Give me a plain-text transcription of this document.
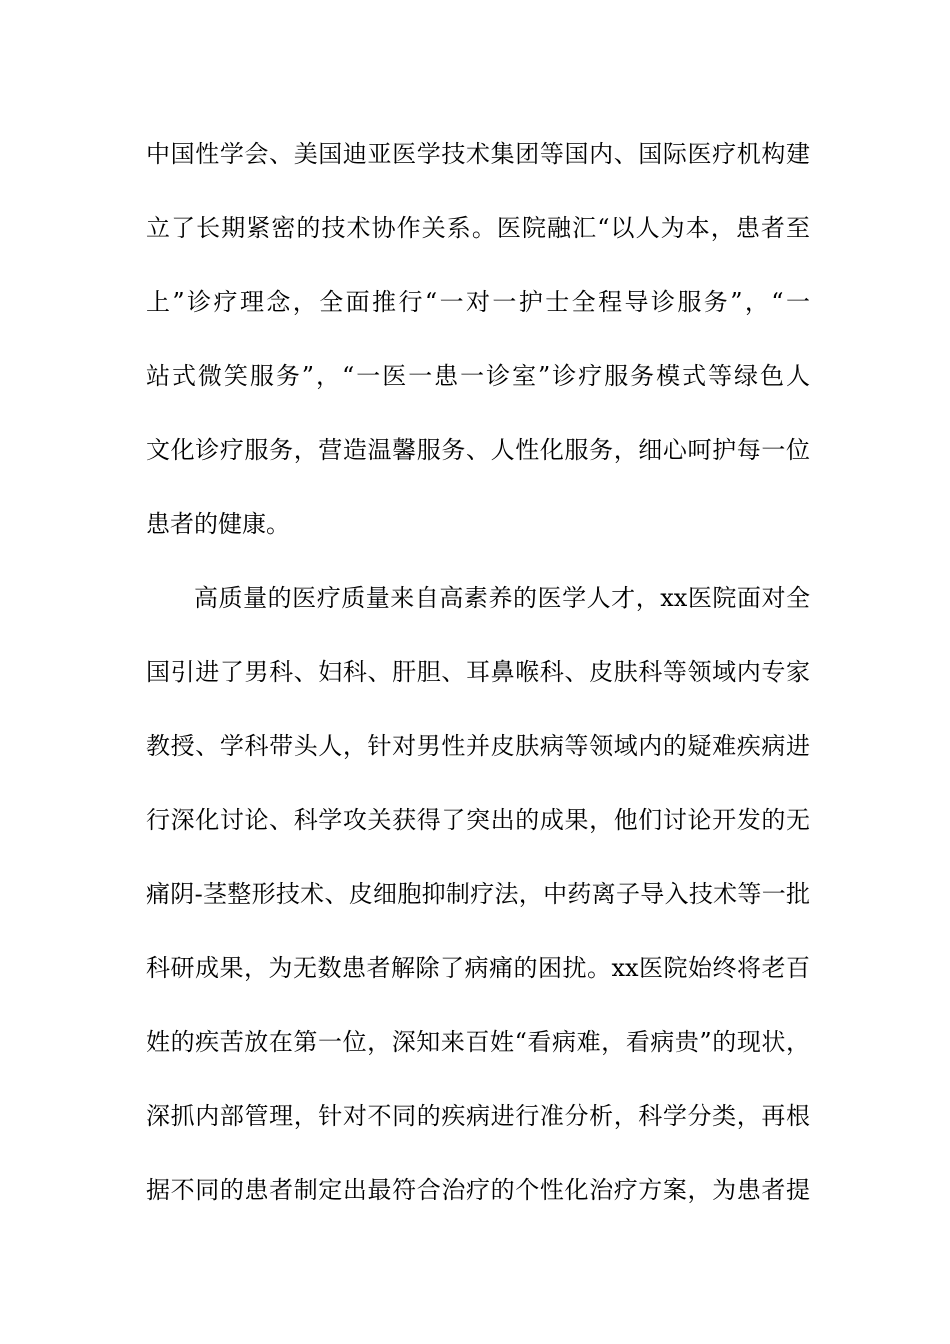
中国性学会、美国迪亚医学技术集团等国内、国际医疗机构建
立了长期紧密的技术协作关系。医院融汇“以人为本，患者至
上”诊疗理念，全面推行“一对一护士全程导诊服务”，“一
站式微笑服务”，“一医一患一诊室”诊疗服务模式等绿色人
文化诊疗服务，营造温馨服务、人性化服务，细心呵护每一位
患者的健康。
高质量的医疗质量来自高素养的医学人才，xx医院面对全
国引进了男科、妇科、肝胆、耳鼻喉科、皮肤科等领域内专家
教授、学科带头人，针对男性并皮肤病等领域内的疑难疾病进
行深化讨论、科学攻关获得了突出的成果，他们讨论开发的无
痛阴-茎整形技术、皮细胞抑制疗法，中药离子导入技术等一批
科研成果，为无数患者解除了病痛的困扰。xx医院始终将老百
姓的疾苦放在第一位，深知来百姓“看病难，看病贵”的现状，
深抓内部管理，针对不同的疾病进行准分析，科学分类，再根
据不同的患者制定出最符合治疗的个性化治疗方案，为患者提
